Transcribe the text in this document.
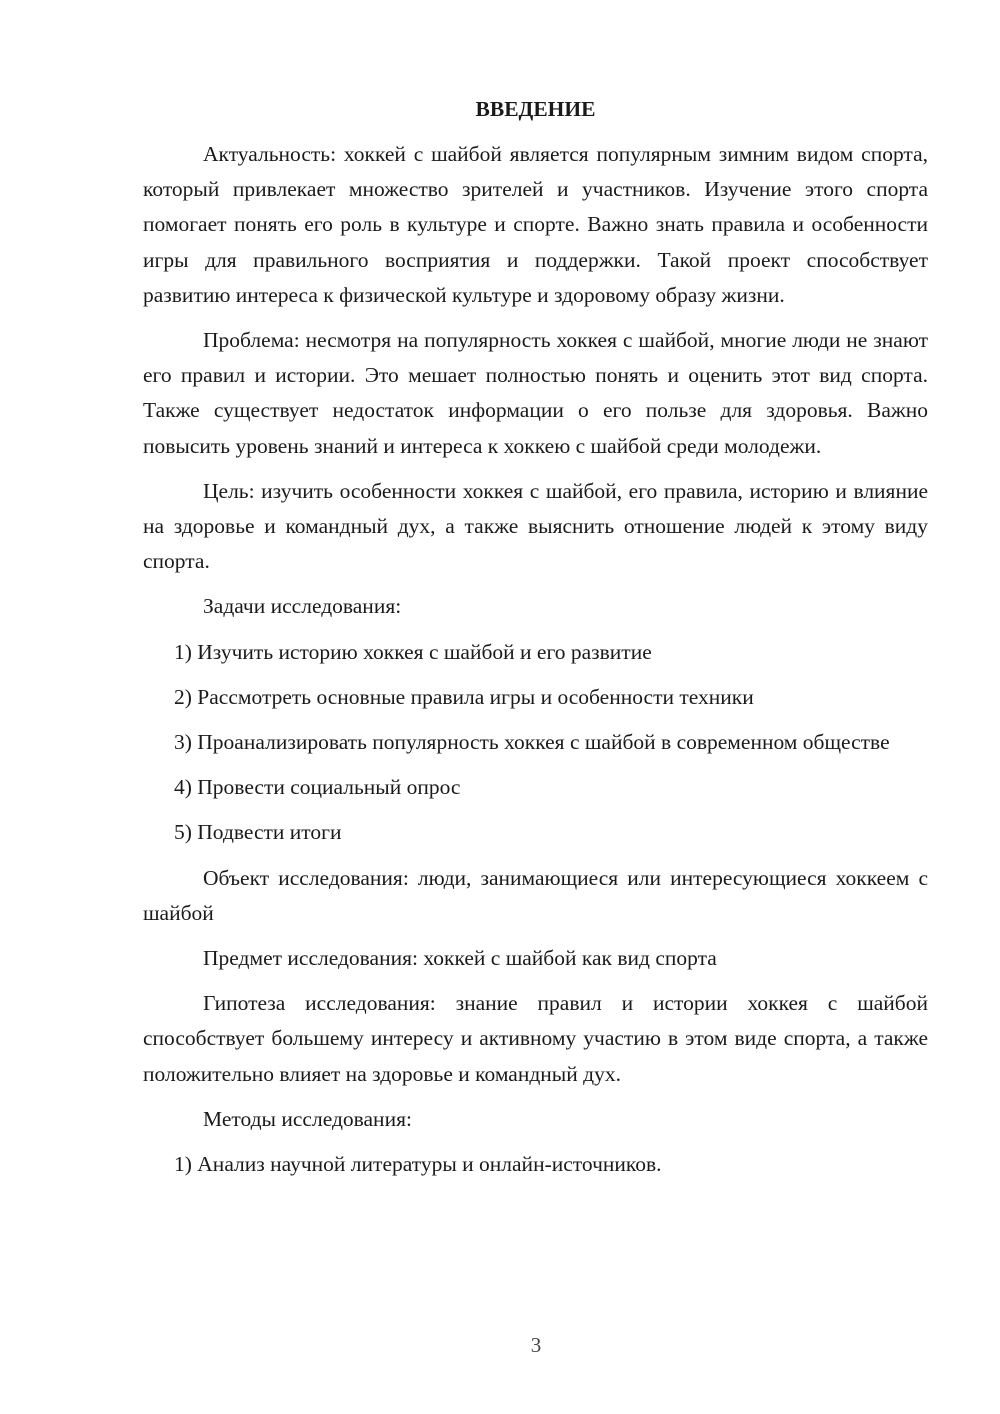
ВВЕДЕНИЕ

Актуальность: хоккей с шайбой является популярным зимним видом спорта, который привлекает множество зрителей и участников. Изучение этого спорта помогает понять его роль в культуре и спорте. Важно знать правила и особенности игры для правильного восприятия и поддержки. Такой проект способствует развитию интереса к физической культуре и здоровому образу жизни.

Проблема: несмотря на популярность хоккея с шайбой, многие люди не знают его правил и истории. Это мешает полностью понять и оценить этот вид спорта. Также существует недостаток информации о его пользе для здоровья. Важно повысить уровень знаний и интереса к хоккею с шайбой среди молодежи.

Цель: изучить особенности хоккея с шайбой, его правила, историю и влияние на здоровье и командный дух, а также выяснить отношение людей к этому виду спорта.

Задачи исследования:

1) Изучить историю хоккея с шайбой и его развитие

2) Рассмотреть основные правила игры и особенности техники

3) Проанализировать популярность хоккея с шайбой в современном обществе

4) Провести социальный опрос

5) Подвести итоги

Объект исследования: люди, занимающиеся или интересующиеся хоккеем с шайбой

Предмет исследования: хоккей с шайбой как вид спорта

Гипотеза исследования: знание правил и истории хоккея с шайбой способствует большему интересу и активному участию в этом виде спорта, а также положительно влияет на здоровье и командный дух.

Методы исследования:

1) Анализ научной литературы и онлайн-источников.

3
